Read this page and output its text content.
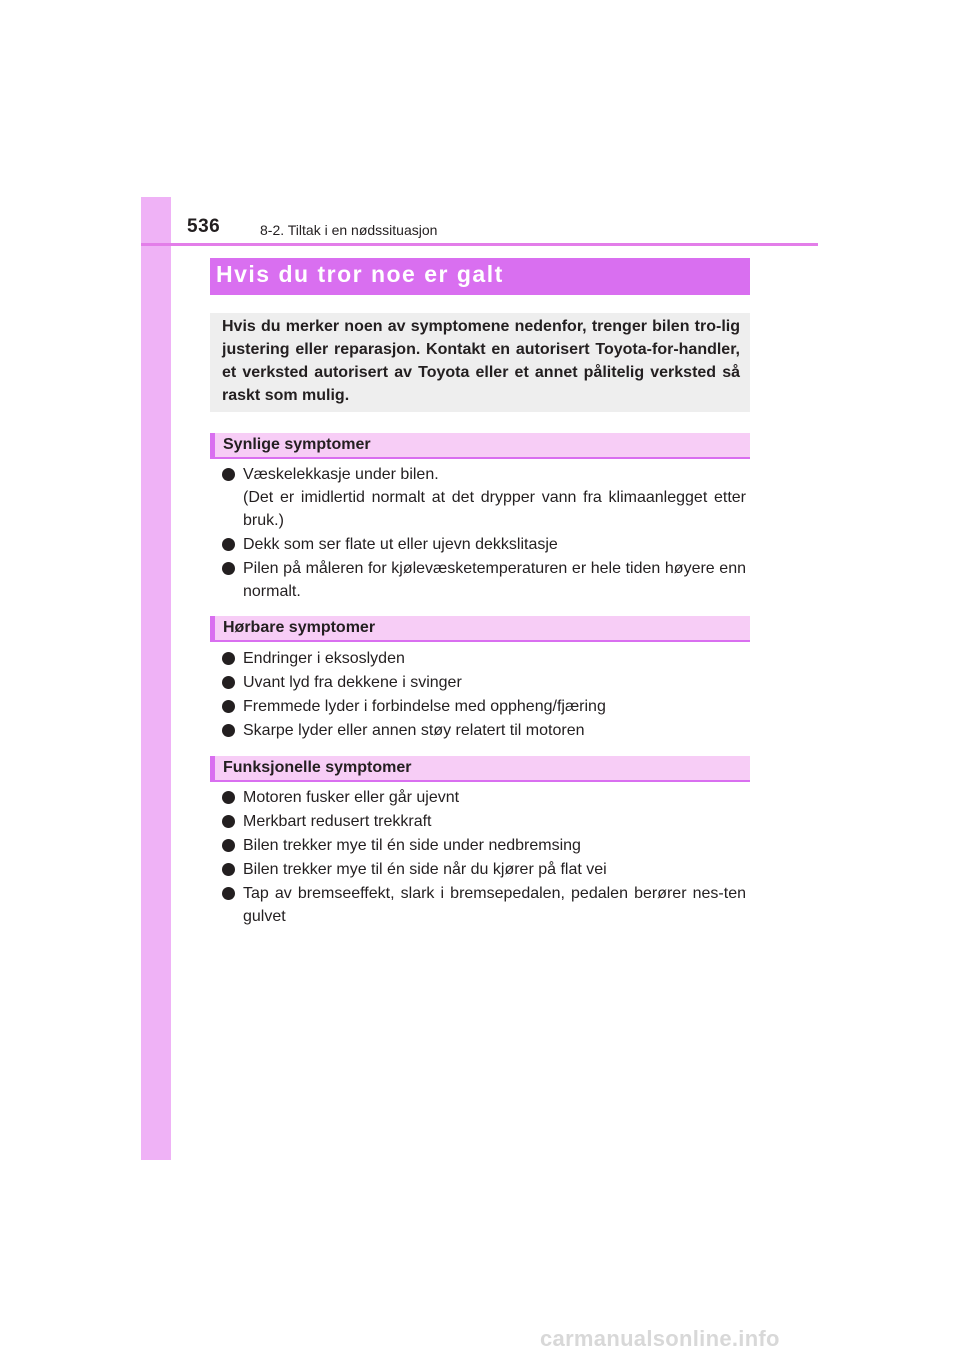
536	8-2. Tiltak i en nødssituasjon
Hvis du tror noe er galt

Hvis du merker noen av symptomene nedenfor, trenger bilen tro-lig justering eller reparasjon. Kontakt en autorisert Toyota-for-handler, et verksted autorisert av Toyota eller et annet pålitelig verksted så raskt som mulig.

Synlige symptomer
Væskelekkasje under bilen.
(Det er imidlertid normalt at det drypper vann fra klimaanlegget etter bruk.)
Dekk som ser flate ut eller ujevn dekkslitasje
Pilen på måleren for kjølevæsketemperaturen er hele tiden høyere enn normalt.
Hørbare symptomer
Endringer i eksoslyden
Uvant lyd fra dekkene i svinger
Fremmede lyder i forbindelse med oppheng/fjæring
Skarpe lyder eller annen støy relatert til motoren
Funksjonelle symptomer
Motoren fusker eller går ujevnt
Merkbart redusert trekkraft
Bilen trekker mye til én side under nedbremsing
Bilen trekker mye til én side når du kjører på flat vei
Tap av bremseeffekt, slark i bremsepedalen, pedalen berører nes-ten gulvet
carmanualsonline.info
